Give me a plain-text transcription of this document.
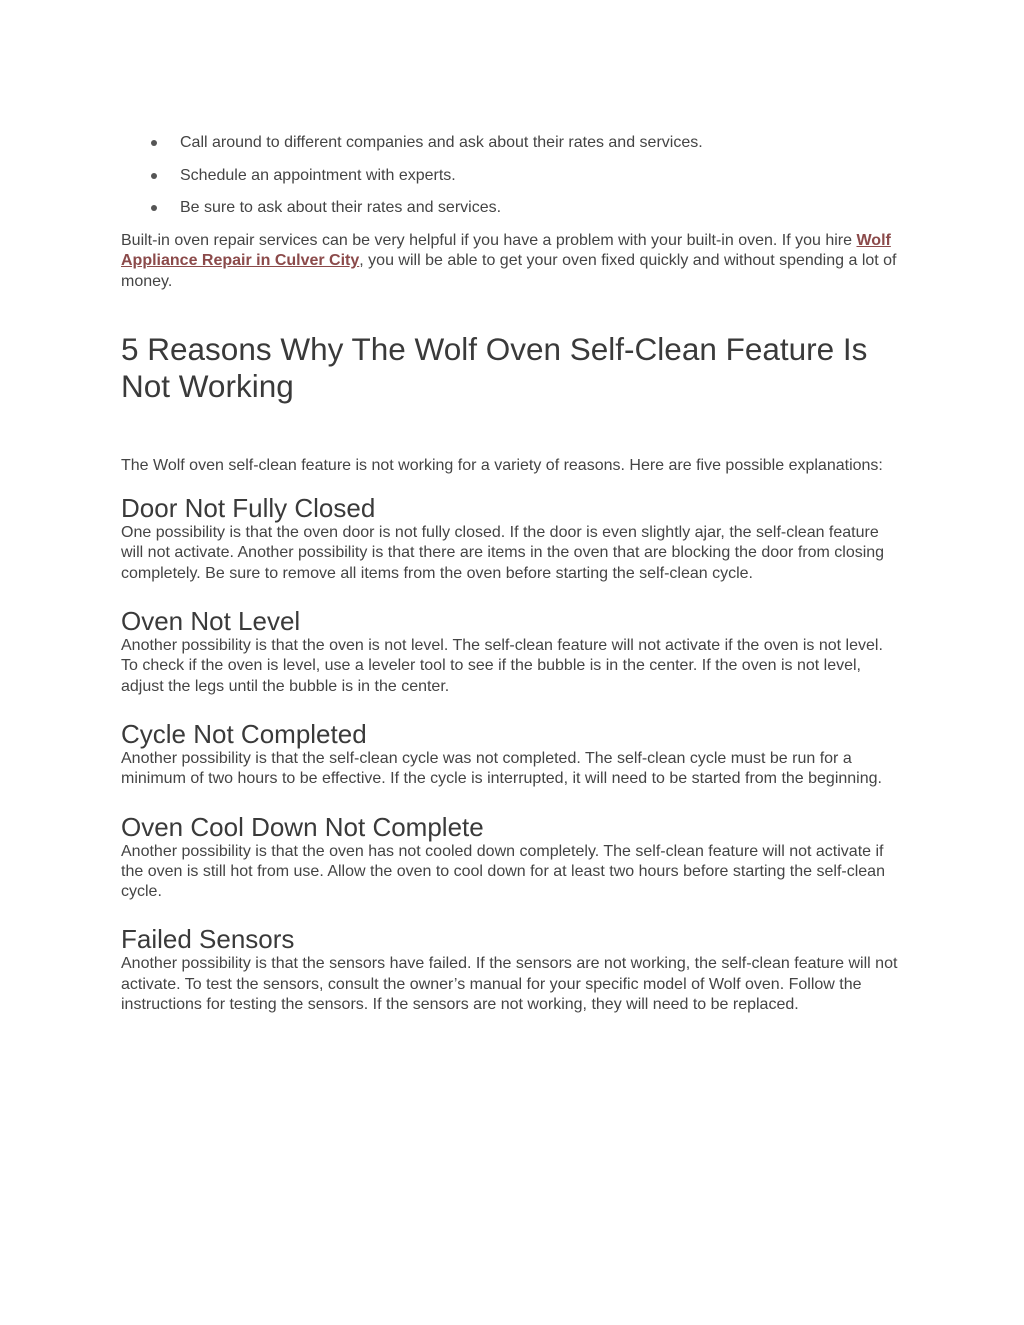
Call around to different companies and ask about their rates and services.
Schedule an appointment with experts.
Be sure to ask about their rates and services.

Built-in oven repair services can be very helpful if you have a problem with your built-in oven. If you hire Wolf Appliance Repair in Culver City, you will be able to get your oven fixed quickly and without spending a lot of money.

5 Reasons Why The Wolf Oven Self-Clean Feature Is Not Working

The Wolf oven self-clean feature is not working for a variety of reasons. Here are five possible explanations:

Door Not Fully Closed

One possibility is that the oven door is not fully closed. If the door is even slightly ajar, the self-clean feature will not activate. Another possibility is that there are items in the oven that are blocking the door from closing completely. Be sure to remove all items from the oven before starting the self-clean cycle.

Oven Not Level

Another possibility is that the oven is not level. The self-clean feature will not activate if the oven is not level. To check if the oven is level, use a leveler tool to see if the bubble is in the center. If the oven is not level, adjust the legs until the bubble is in the center.

Cycle Not Completed

Another possibility is that the self-clean cycle was not completed. The self-clean cycle must be run for a minimum of two hours to be effective. If the cycle is interrupted, it will need to be started from the beginning.

Oven Cool Down Not Complete

Another possibility is that the oven has not cooled down completely. The self-clean feature will not activate if the oven is still hot from use. Allow the oven to cool down for at least two hours before starting the self-clean cycle.

Failed Sensors

Another possibility is that the sensors have failed. If the sensors are not working, the self-clean feature will not activate. To test the sensors, consult the owner’s manual for your specific model of Wolf oven. Follow the instructions for testing the sensors. If the sensors are not working, they will need to be replaced.
